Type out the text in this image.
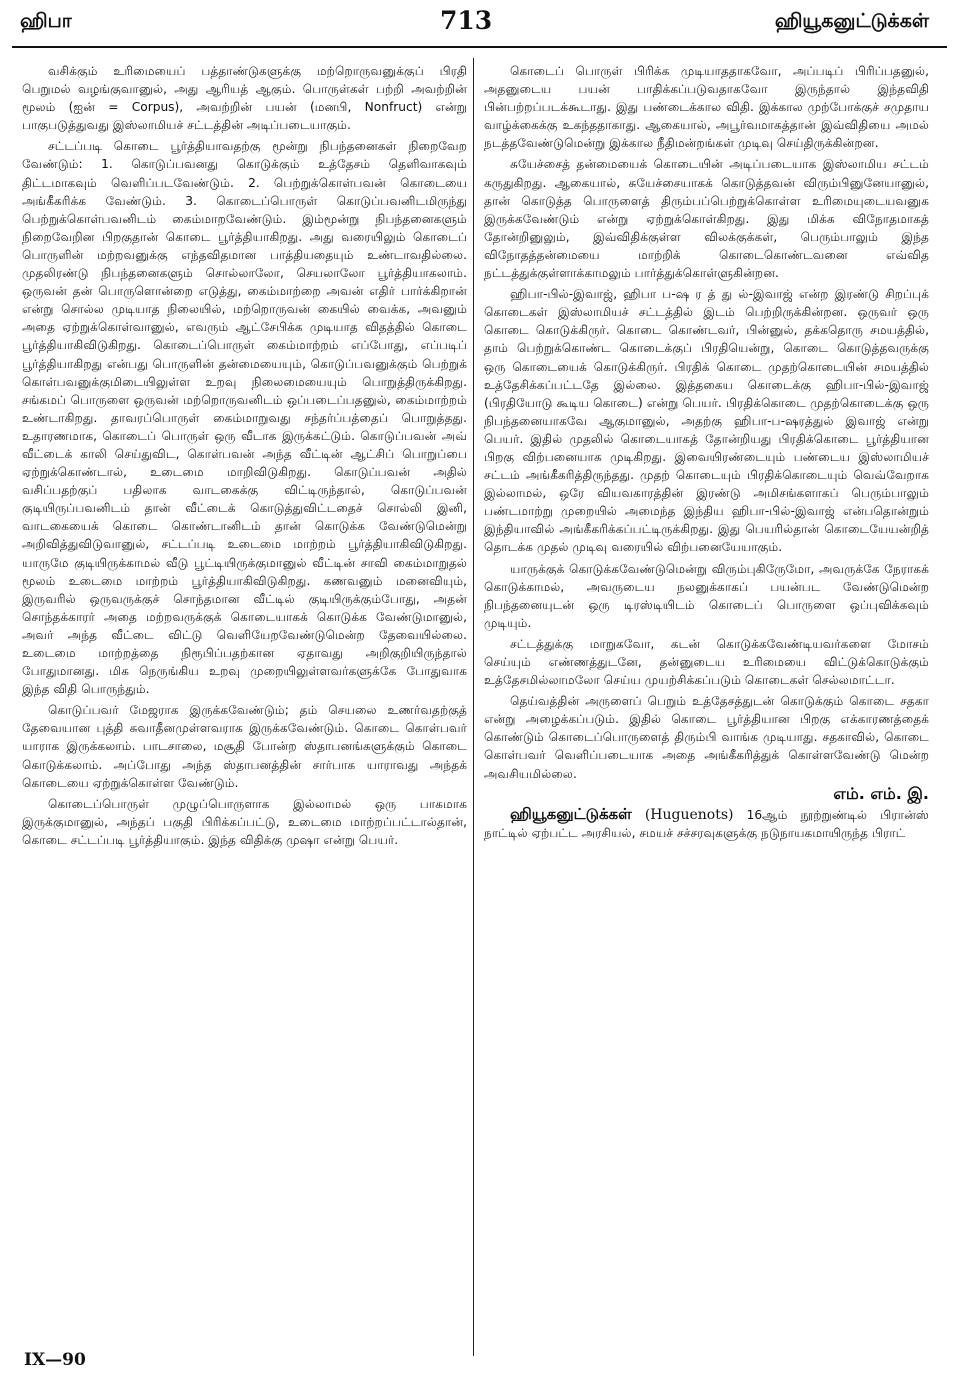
ஹிபா	713	ஹியூகனுட்டுக்கள்

வசிக்கும் உரிமையைப் பத்தாண்டுகளுக்கு மற்றொருவனுக்குப் பிரதி பெறுமல் வழங்குவானுல், அது ஆரியத் ஆகும். பொருள்கள் பற்றி அவற்றின் மூலம் (ஐன் = Corpus), அவற்றின் பயன் (மனபி, Nonfruct) என்று பாகுபடுத்துவது இஸ்லாமியச் சட்டத்தின் அடிப்படையாகும்.

சட்டப்படி கொடை பூர்த்தியாவதற்கு மூன்று நிபந்தனைகள் நிறைவேற வேண்டும்: 1. கொடுப்பவனது கொடுக்கும் உத்தேசம் தெளிவாகவும் திட்டமாகவும் வெளிப்படவேண்டும். 2. பெற்றுக்கொள்பவன் கொடையை அங்கீகரிக்க வேண்டும். 3. கொடைப்பொருள் கொடுப்பவனிடமிருந்து பெற்றுக்கொள்பவனிடம் கைம்மாறவேண்டும். இம்மூன்று நிபந்தனைகளும் நிறைவேறின பிறகுதான் கொடை பூர்த்தியாகிறது. அது வரையிலும் கொடைப் பொருளின் மற்றவனுக்கு எந்தவிதமான பாத்தியதையும் உண்டாவதில்லை. முதலிரண்டு நிபந்தனைகளும் சொல்லாலோ, செயலாலோ பூர்த்தியாகலாம். ஒருவன் தன் பொருளொன்றை எடுத்து, கைம்மாற்றை அவன் எதிர் பார்க்கிறான் என்று சொல்ல முடியாத நிலையில், மற்றொருவன் கையில் வைக்க, அவனும் அதை ஏற்றுக்கொள்வானுல், எவரும் ஆட்சேபிக்க முடியாத விதத்தில் கொடை பூர்த்தியாகிவிடுகிறது. கொடைப்பொருள் கைம்மாற்றம் எப்போது, எப்படிப் பூர்த்தியாகிறது என்பது பொருளின் தன்மையையும், கொடுப்பவனுக்கும் பெற்றுக் கொள்பவனுக்குமிடையிலுள்ள உறவு நிலைமையையும் பொறுத்திருக்கிறது. சங்கமப் பொருளை ஒருவன் மற்றொருவனிடம் ஒப்படைப்பதனுல், கைம்மாற்றம் உண்டாகிறது. தாவரப்பொருள் கைம்மாறுவது சந்தர்ப்பத்தைப் பொறுத்தது. உதாரணமாக, கொடைப் பொருள் ஒரு வீடாக இருக்கட்டும். கொடுப்பவன் அவ் வீட்டைக் காலி செய்துவிட, கொள்பவன் அந்த வீட்டின் ஆட்சிப் பொறுப்பை ஏற்றுக்கொண்டால், உடைமை மாறிவிடுகிறது. கொடுப்பவன் அதில் வசிப்பதற்குப் பதிலாக வாடகைக்கு விட்டிருந்தால், கொடுப்பவன் குடியிருப்பவனிடம் தான் வீட்டைக் கொடுத்துவிட்டதைச் சொல்லி இனி, வாடகையைக் கொடை கொண்டானிடம் தான் கொடுக்க வேண்டுமென்று அறிவித்துவிடுவானுல், சட்டப்படி உடைமை மாற்றம் பூர்த்தியாகிவிடுகிறது. யாருமே குடியிருக்காமல் வீடு பூட்டியிருக்குமானுல் வீட்டின் சாவி கைம்மாறுதல் மூலம் உடைமை மாற்றம் பூர்த்தியாகிவிடுகிறது. கணவனும் மனைவியும், இருவரில் ஒருவருக்குச் சொந்தமான வீட்டில் குடியிருக்கும்போது, அதன் சொந்தக்காரர் அதை மற்றவருக்குக் கொடையாகக் கொடுக்க வேண்டுமானுல், அவர் அந்த வீட்டை விட்டு வெளியேறவேண்டுமென்ற தேவையில்லை. உடைமை மாற்றத்தை நிரூபிப்பதற்கான ஏதாவது அறிகுறியிருந்தால் போதுமானது. மிக நெருங்கிய உறவு முறையிலுள்ளவர்களுக்கே போதுவாக இந்த விதி பொருந்தும்.

கொடுப்பவர் மேஜராக இருக்கவேண்டும்; தம் செயலை உணர்வதற்குத் தேவையான புத்தி சுவாதீனமுள்ளவராக இருக்கவேண்டும். கொடை கொள்பவர் யாராக இருக்கலாம். பாடசாலை, மசூதி போன்ற ஸ்தாபனங்களுக்கும் கொடை கொடுக்கலாம். அப்போது அந்த ஸ்தாபனத்தின் சார்பாக யாராவது அந்தக் கொடையை ஏற்றுக்கொள்ள வேண்டும்.

கொடைப்பொருள் முழுப்பொருளாக இல்லாமல் ஒரு பாகமாக இருக்குமானுல், அந்தப் பகுதி பிரிக்கப்பட்டு, உடைமை மாற்றப்பட்டால்தான், கொடை சட்டப்படி பூர்த்தியாகும். இந்த விதிக்கு முஷா என்று பெயர்.

கொடைப் பொருள் பிரிக்க முடியாததாகவோ, அப்படிப் பிரிப்பதனுல், அதனுடைய பயன் பாதிக்கப்படுவதாகவோ இருந்தால் இந்தவிதி பின்பற்றப்படக்கூடாது. இது பண்டைக்கால விதி. இக்கால முற்போக்குச் சமுதாய வாழ்க்கைக்கு உகந்ததாகாது. ஆகையால், அபூர்வமாகத்தான் இவ்விதியை அமல் நடத்தவேண்டுமென்று இக்கால நீதிமன்றங்கள் முடிவு செய்திருக்கின்றன.

சுயேச்சைத் தன்மையைக் கொடையின் அடிப்படையாக இஸ்லாமிய சட்டம் கருதுகிறது. ஆகையால், சுயேச்சையாகக் கொடுத்தவன் விரும்பினுனேயானுல், தான் கொடுத்த பொருளைத் திரும்பப்பெற்றுக்கொள்ள உரிமையுடையவனுக இருக்கவேண்டும் என்று ஏற்றுக்கொள்கிறது. இது மிக்க விநோதமாகத் தோன்றினுலும், இவ்விதிக்குள்ள விலக்குக்கள், பெரும்பாலும் இந்த விநோதத்தன்மையை மாற்றிக் கொடைகொண்டவனை எவ்வித நட்டத்துக்குள்ளாக்காமலும் பார்த்துக்கொள்ளுகின்றன.

ஹிபா-பில்-இவாஜ், ஹிபா ப-ஷ ர த் து ல்-இவாஜ் என்ற இரண்டு சிறப்புக் கொடைகள் இஸ்லாமியச் சட்டத்தில் இடம் பெற்றிருக்கின்றன. ஒருவர் ஒரு கொடை கொடுக்கிருர். கொடை கொண்டவர், பின்னுல், தக்கதொரு சமயத்தில், தாம் பெற்றுக்கொண்ட கொடைக்குப் பிரதியென்று, கொடை கொடுத்தவருக்கு ஒரு கொடையைக் கொடுக்கிருர். பிரதிக் கொடை முதற்கொடையின் சமயத்தில் உத்தேசிக்கப்பட்டதே இல்லை. இத்தகைய கொடைக்கு ஹிபா-பில்-இவாஜ் (பிரதியோடு கூடிய கொடை) என்று பெயர். பிரதிக்கொடை முதற்கொடைக்கு ஒரு நிபந்தனையாகவே ஆகுமானுல், அதற்கு ஹிபா-ப-ஷரத்துல் இவாஜ் என்று பெயர். இதில் முதலில் கொடையாகத் தோன்றியது பிரதிக்கொடை பூர்த்தியான பிறகு விற்பனையாக முடிகிறது. இவையிரண்டையும் பண்டைய இஸ்லாமியச் சட்டம் அங்கீகரித்திருந்தது. முதற் கொடையும் பிரதிக்கொடையும் வெவ்வேறாக இல்லாமல், ஒரே வியவகாரத்தின் இரண்டு அமிசங்களாகப் பெரும்பாலும் பண்டமாற்று முறையில் அமைந்த இந்திய ஹிபா-பில்-இவாஜ் என்பதொன்றும் இந்தியாவில் அங்கீகரிக்கப்பட்டிருக்கிறது. இது பெயரில்தான் கொடையேயன்றித் தொடக்க முதல் முடிவு வரையில் விற்பனையேயாகும்.

யாருக்குக் கொடுக்கவேண்டுமென்று விரும்புகிருேமோ, அவருக்கே நேராகக் கொடுக்காமல், அவருடைய நலனுக்காகப் பயன்பட வேண்டுமென்ற நிபந்தனையுடன் ஒரு டிரஸ்டியிடம் கொடைப் பொருளை ஒப்புவிக்கவும் முடியும்.

சட்டத்துக்கு மாறுகவோ, கடன் கொடுக்கவேண்டியவர்களை மோசம் செய்யும் எண்ணத்துடனே, தன்னுடைய உரிமையை விட்டுக்கொடுக்கும் உத்தேசமில்லாமலோ செய்ய முயற்சிக்கப்படும் கொடைகள் செல்லமாட்டா.

தெய்வத்தின் அருளைப் பெறும் உத்தேசத்துடன் கொடுக்கும் கொடை சதகா என்று அழைக்கப்படும். இதில் கொடை பூர்த்தியான பிறகு எக்காரணத்தைக் கொண்டும் கொடைப்பொருளைத் திரும்பி வாங்க முடியாது. சதகாவில், கொடை கொள்பவர் வெளிப்படையாக அதை அங்கீகரித்துக் கொள்ளவேண்டு மென்ற அவசியமில்லை.

எம். எம். இ.

ஹியூகனுட்டுக்கள் (Huguenots) 16ஆம் நூற்றுண்டில் பிரான்ஸ் நாட்டில் ஏற்பட்ட அரசியல், சமயச் சச்சரவுகளுக்கு நடுநாயகமாயிருந்த பிராட்

IX—90
